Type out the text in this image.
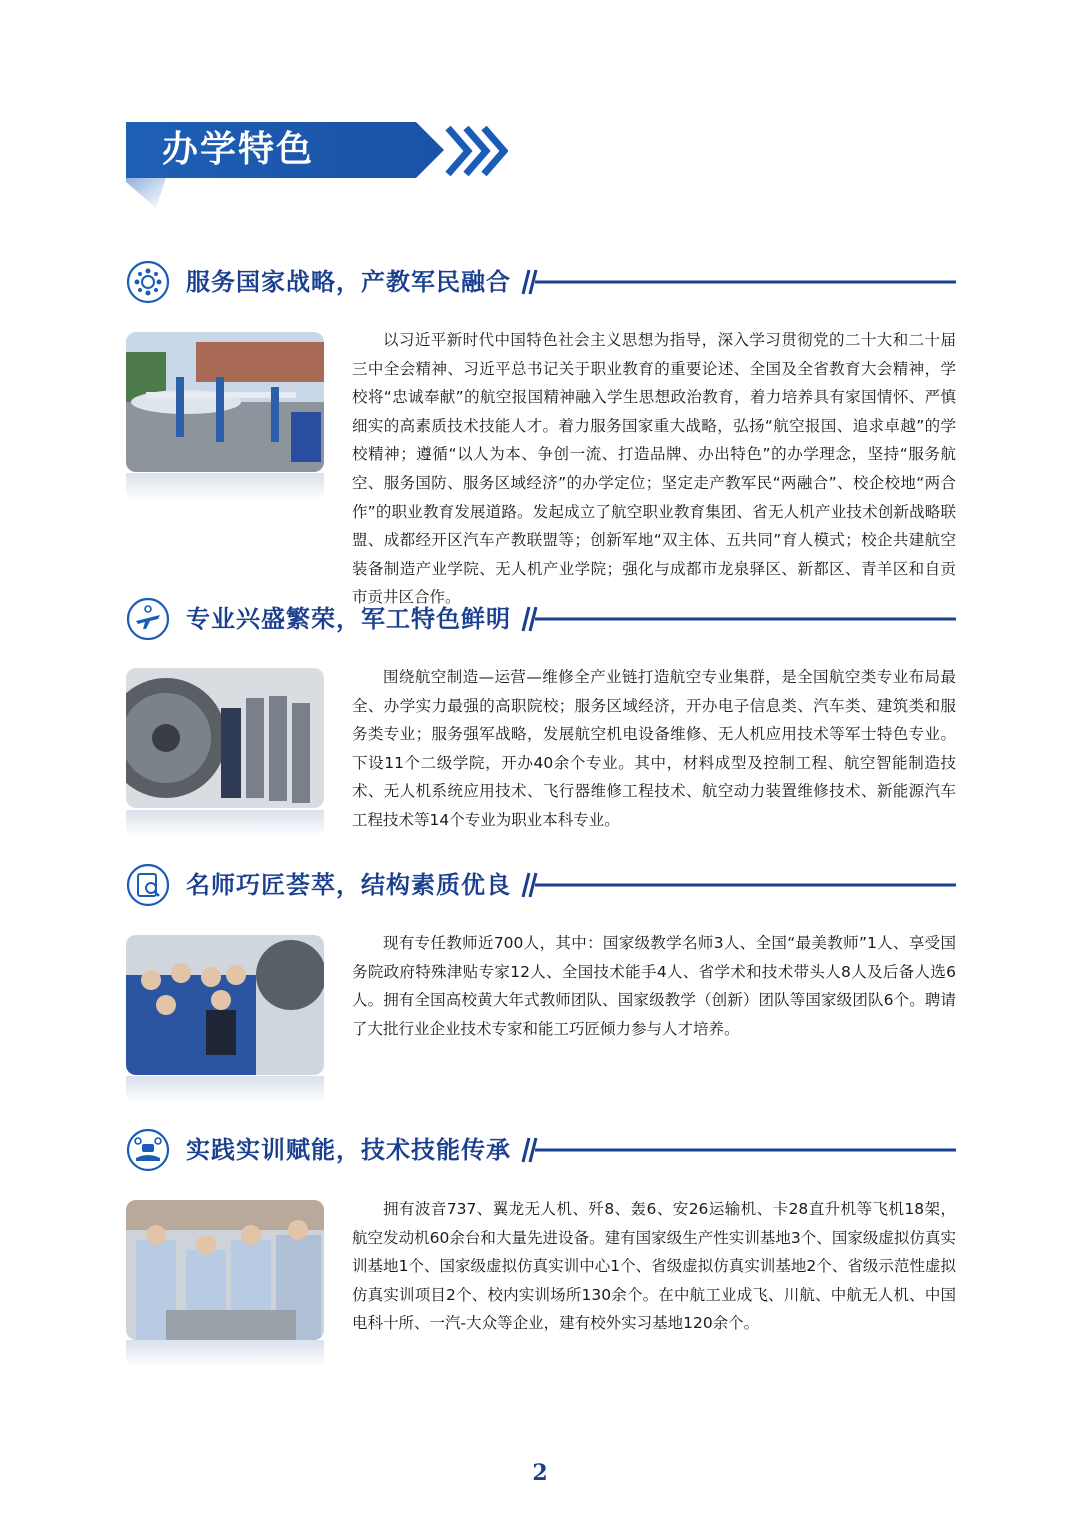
办学特色
服务国家战略，产教军民融合
以习近平新时代中国特色社会主义思想为指导，深入学习贯彻党的二十大和二十届三中全会精神、习近平总书记关于职业教育的重要论述、全国及全省教育大会精神，学校将“忠诚奉献”的航空报国精神融入学生思想政治教育，着力培养具有家国情怀、严慎细实的高素质技术技能人才。着力服务国家重大战略，弘扬“航空报国、追求卓越”的学校精神；遵循“以人为本、争创一流、打造品牌、办出特色”的办学理念，坚持“服务航空、服务国防、服务区域经济”的办学定位；坚定走产教军民“两融合”、校企校地“两合作”的职业教育发展道路。发起成立了航空职业教育集团、省无人机产业技术创新战略联盟、成都经开区汽车产教联盟等；创新军地“双主体、五共同”育人模式；校企共建航空装备制造产业学院、无人机产业学院；强化与成都市龙泉驿区、新都区、青羊区和自贡市贡井区合作。
专业兴盛繁荣，军工特色鲜明
围绕航空制造—运营—维修全产业链打造航空专业集群，是全国航空类专业布局最全、办学实力最强的高职院校；服务区域经济，开办电子信息类、汽车类、建筑类和服务类专业；服务强军战略，发展航空机电设备维修、无人机应用技术等军士特色专业。下设11个二级学院，开办40余个专业。其中，材料成型及控制工程、航空智能制造技术、无人机系统应用技术、飞行器维修工程技术、航空动力装置维修技术、新能源汽车工程技术等14个专业为职业本科专业。
名师巧匠荟萃，结构素质优良
现有专任教师近700人，其中：国家级教学名师3人、全国“最美教师”1人、享受国务院政府特殊津贴专家12人、全国技术能手4人、省学术和技术带头人8人及后备人选6人。拥有全国高校黄大年式教师团队、国家级教学（创新）团队等国家级团队6个。聘请了大批行业企业技术专家和能工巧匠倾力参与人才培养。
实践实训赋能，技术技能传承
拥有波音737、翼龙无人机、歼8、轰6、安26运输机、卡28直升机等飞机18架，航空发动机60余台和大量先进设备。建有国家级生产性实训基地3个、国家级虚拟仿真实训基地1个、国家级虚拟仿真实训中心1个、省级虚拟仿真实训基地2个、省级示范性虚拟仿真实训项目2个、校内实训场所130余个。在中航工业成飞、川航、中航无人机、中国电科十所、一汽-大众等企业，建有校外实习基地120余个。
2
